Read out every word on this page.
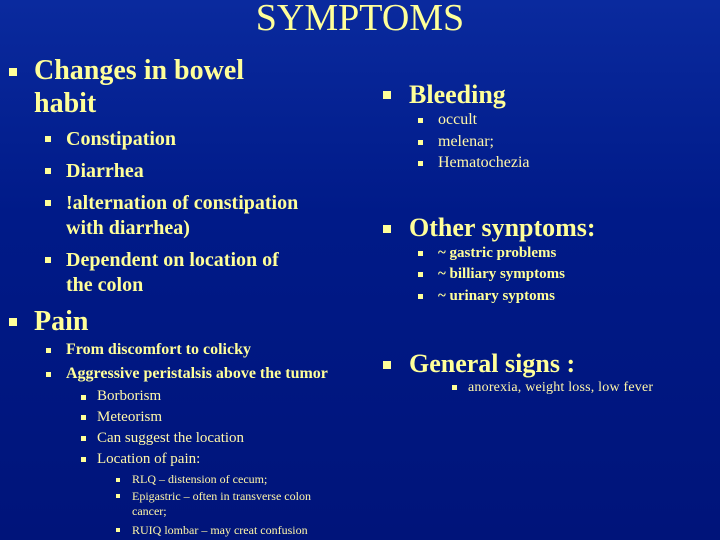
SYMPTOMS
Changes in bowel
habit
Constipation
Diarrhea
!alternation of constipation
with diarrhea)
Dependent on location of
the colon
Pain
From discomfort to colicky
Aggressive peristalsis above the tumor
Borborism
Meteorism
Can suggest the location
Location of pain:
RLQ – distension of cecum;
Epigastric – often in transverse colon
cancer;
RUIQ lombar – may creat confusion
Bleeding
occult
melenar;
Hematochezia
Other synptoms:
~ gastric problems
~ billiary symptoms
~ urinary syptoms
General signs :
anorexia, weight loss, low fever
